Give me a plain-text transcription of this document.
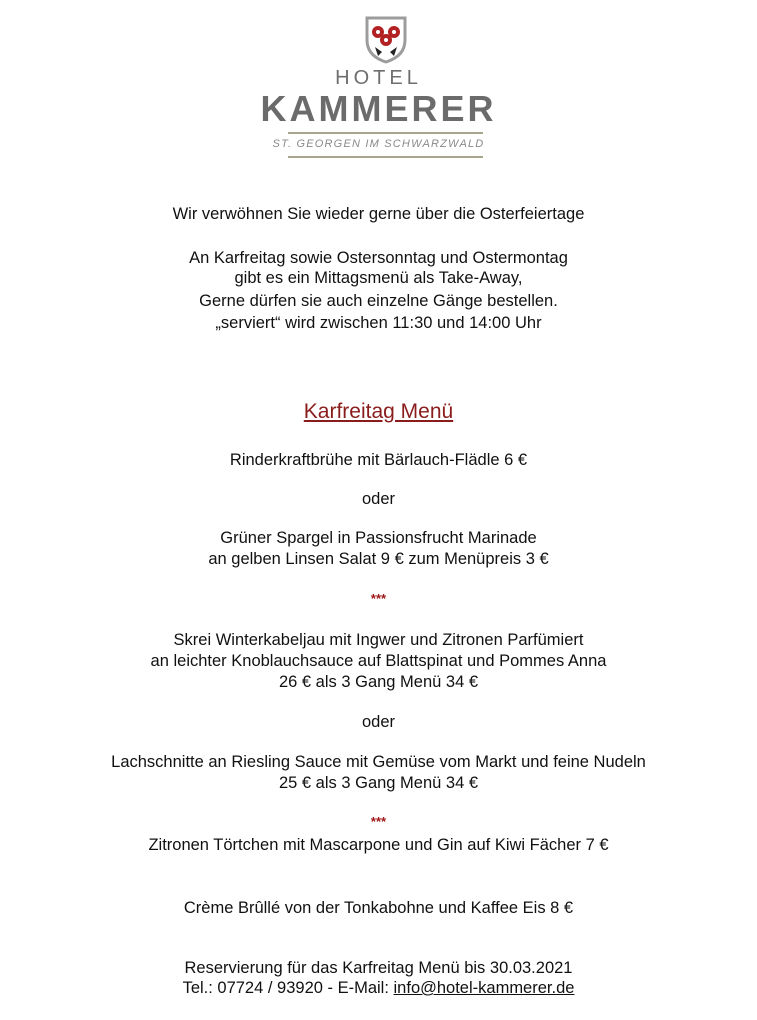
HOTEL
KAMMERER
ST. GEORGEN IM SCHWARZWALD
Wir verwöhnen Sie wieder gerne über die Osterfeiertage
An Karfreitag sowie Ostersonntag und Ostermontag
gibt es ein Mittagsmenü als Take-Away,
Gerne dürfen sie auch einzelne Gänge bestellen.
„serviert“ wird zwischen 11:30 und 14:00 Uhr
Karfreitag Menü
Rinderkraftbrühe mit Bärlauch-Flädle 6 €
oder
Grüner Spargel in Passionsfrucht Marinade
an gelben Linsen Salat 9 € zum Menüpreis 3 €
***
Skrei Winterkabeljau mit Ingwer und Zitronen Parfümiert
an leichter Knoblauchsauce auf Blattspinat und Pommes Anna
26 € als 3 Gang Menü 34 €
oder
Lachschnitte an Riesling Sauce mit Gemüse vom Markt und feine Nudeln
25 € als 3 Gang Menü 34 €
***
Zitronen Törtchen mit Mascarpone und Gin auf Kiwi Fächer 7 €
Crème Brûllé von der Tonkabohne und Kaffee Eis 8 €
Reservierung für das Karfreitag Menü bis 30.03.2021
Tel.: 07724 / 93920 - E-Mail: info@hotel-kammerer.de
